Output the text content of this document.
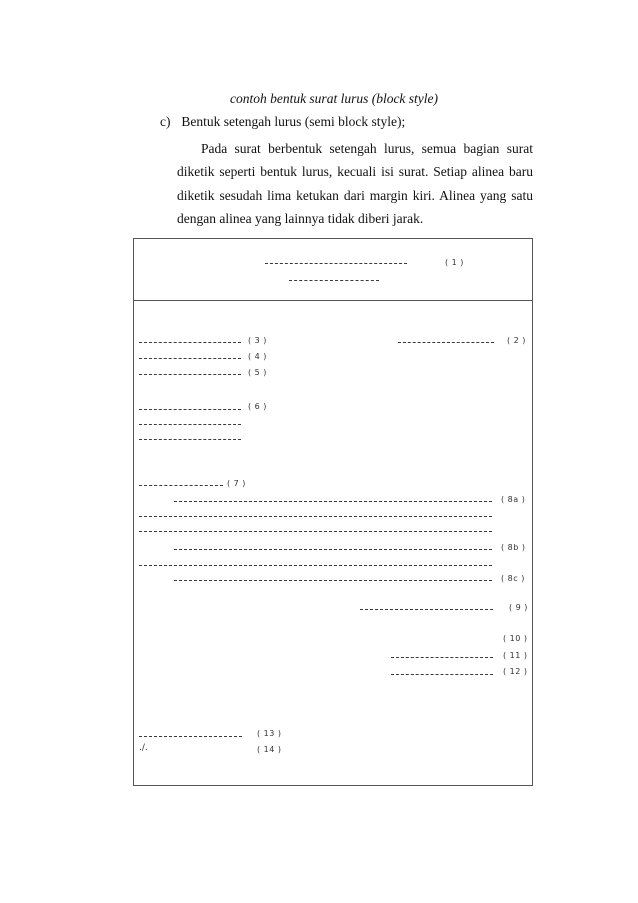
contoh bentuk surat lurus (block style)
c) Bentuk setengah lurus (semi block style);
Pada surat berbentuk setengah lurus, semua bagian surat diketik seperti bentuk lurus, kecuali isi surat. Setiap alinea baru diketik sesudah lima ketukan dari margin kiri. Alinea yang satu dengan alinea yang lainnya tidak diberi jarak.
( 1 )
( 2 )
( 3 )
( 4 )
( 5 )
( 6 )
( 7 )
( 8a )
( 8b )
( 8c )
( 9 )
( 10 )
( 11 )
( 12 )
( 13 )
./.	( 14 )
